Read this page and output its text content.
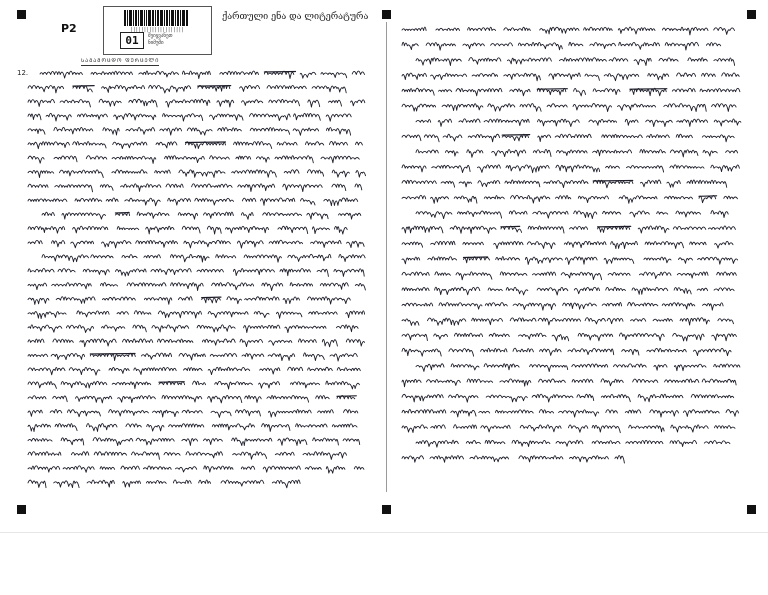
P2	||||||||||||||||||||
01	შეიყვანეთ ნიმუში
ქართული ენა და ლიტერატურა
ᲡᲐᲒᲐᲛᲝᲪᲓᲝ ᲤᲣᲠᲪᲔᲚᲘ
12.
